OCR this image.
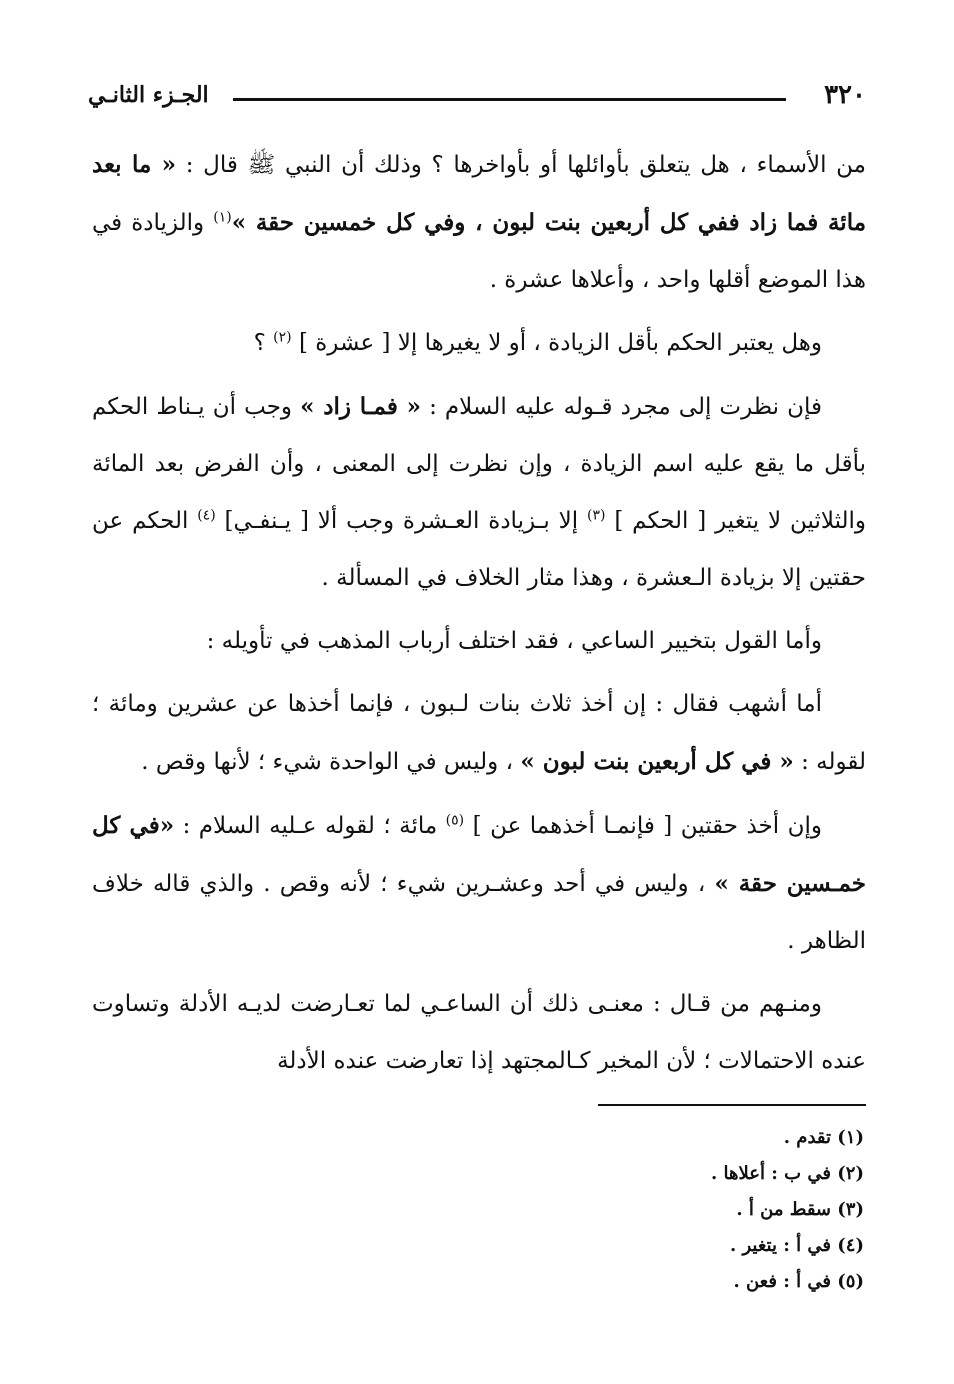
٣٢٠
الجـزء الثانـي

من الأسماء ، هل يتعلق بأوائلها أو بأواخرها ؟ وذلك أن النبي ﷺ قال : « ما بعد مائة فما زاد ففي كل أربعين بنت لبون ، وفي كل خمسين حقة »$^{(١)}$ والزيادة في هذا الموضع أقلها واحد ، وأعلاها عشرة .

وهل يعتبر الحكم بأقل الزيادة ، أو لا يغيرها إلا [ عشرة ] $^{(٢)}$ ؟

فإن نظرت إلى مجرد قـوله عليه السلام : « فمـا زاد » وجب أن يـناط الحكم بأقل ما يقع عليه اسم الزيادة ، وإن نظرت إلى المعنى ، وأن الفرض بعد المائة والثلاثين لا يتغير [ الحكم ] $^{(٣)}$ إلا بـزيادة العـشرة وجب ألا [ يـنفـي] $^{(٤)}$ الحكم عن حقتين إلا بزيادة الـعشرة ، وهذا مثار الخلاف في المسألة .

وأما القول بتخيير الساعي ، فقد اختلف أرباب المذهب في تأويله :

أما أشهب فقال : إن أخذ ثلاث بنات لـبون ، فإنما أخذها عن عشرين ومائة ؛ لقوله : « في كل أربعين بنت لبون » ، وليس في الواحدة شيء ؛ لأنها وقص .

وإن أخذ حقتين [ فإنمـا أخذهما عن ] $^{(٥)}$ مائة ؛ لقوله عـليه السلام : «في كل خمـسين حقة » ، وليس في أحد وعشـرين شيء ؛ لأنه وقص . والذي قاله خلاف الظاهر .

ومنـهم من قـال : معنـى ذلك أن الساعـي لما تعـارضت لديـه الأدلة وتساوت عنده الاحتمالات ؛ لأن المخير كـالمجتهد إذا تعارضت عنده الأدلة

(١) تقدم .

(٢) في ب : أعلاها .

(٣) سقط من أ .

(٤) في أ : يتغير .

(٥) في أ : فعن .
